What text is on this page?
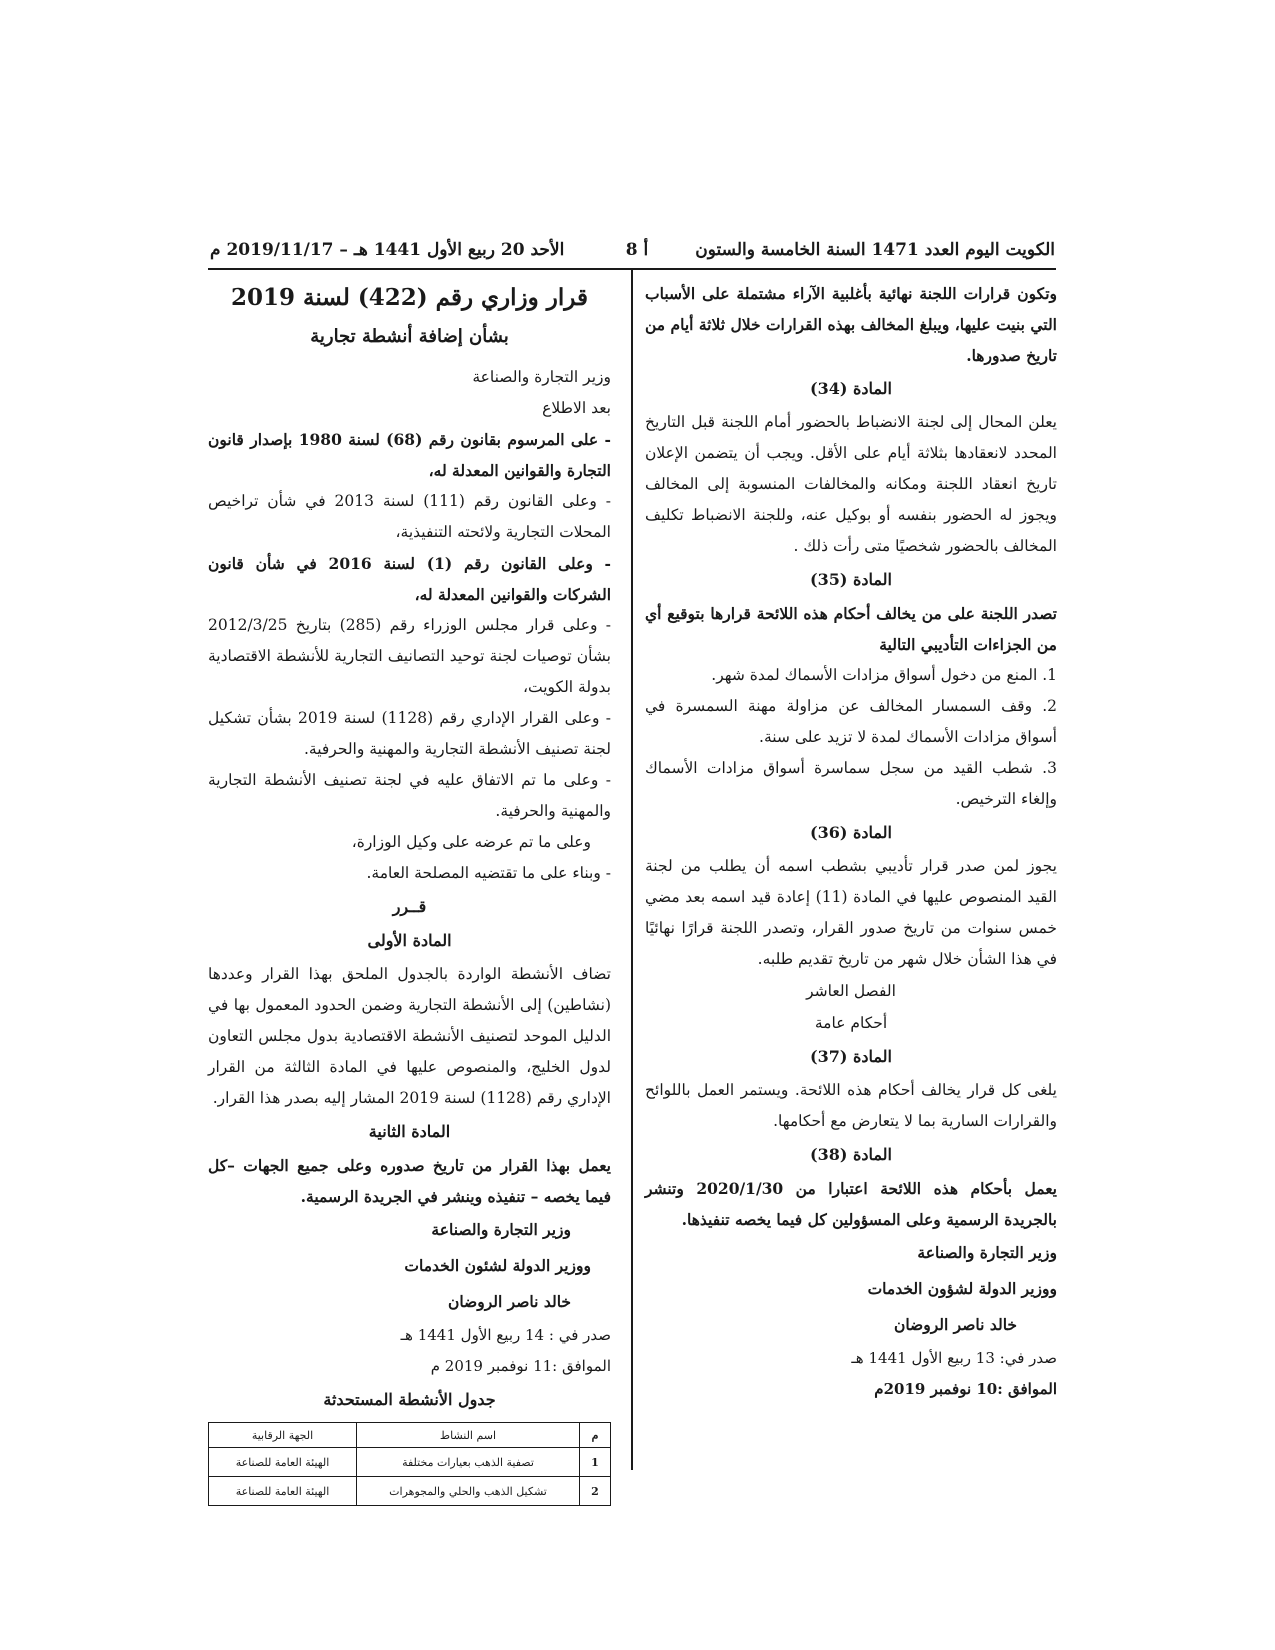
الكويت اليوم العدد 1471 السنة الخامسة والستون
أ 8
الأحد 20 ربيع الأول 1441 هـ – 2019/11/17 م

وتكون قرارات اللجنة نهائية بأغلبية الآراء مشتملة على الأسباب التي بنيت عليها، ويبلغ المخالف بهذه القرارات خلال ثلاثة أيام من تاريخ صدورها.

المادة (34)

يعلن المحال إلى لجنة الانضباط بالحضور أمام اللجنة قبل التاريخ المحدد لانعقادها بثلاثة أيام على الأقل. ويجب أن يتضمن الإعلان تاريخ انعقاد اللجنة ومكانه والمخالفات المنسوبة إلى المخالف ويجوز له الحضور بنفسه أو بوكيل عنه، وللجنة الانضباط تكليف المخالف بالحضور شخصيًا متى رأت ذلك .

المادة (35)

تصدر اللجنة على من يخالف أحكام هذه اللائحة قرارها بتوقيع أي من الجزاءات التأديبي التالية

1. المنع من دخول أسواق مزادات الأسماك لمدة شهر.

2. وقف السمسار المخالف عن مزاولة مهنة السمسرة في أسواق مزادات الأسماك لمدة لا تزيد على سنة.

3. شطب القيد من سجل سماسرة أسواق مزادات الأسماك وإلغاء الترخيص.

المادة (36)

يجوز لمن صدر قرار تأديبي بشطب اسمه أن يطلب من لجنة القيد المنصوص عليها في المادة (11) إعادة قيد اسمه بعد مضي خمس سنوات من تاريخ صدور القرار، وتصدر اللجنة قرارًا نهائيًا في هذا الشأن خلال شهر من تاريخ تقديم طلبه.

الفصل العاشر

أحكام عامة

المادة (37)

يلغى كل قرار يخالف أحكام هذه اللائحة. ويستمر العمل باللوائح والقرارات السارية بما لا يتعارض مع أحكامها.

المادة (38)

يعمل بأحكام هذه اللائحة اعتبارا من 2020/1/30 وتنشر بالجريدة الرسمية وعلى المسؤولين كل فيما يخصه تنفيذها.

وزير التجارة والصناعة

ووزير الدولة لشؤون الخدمات

خالد ناصر الروضان

صدر في: 13 ربيع الأول 1441 هـ

الموافق :10 نوفمبر 2019م

قرار وزاري رقم (422) لسنة 2019

بشأن إضافة أنشطة تجارية

وزير التجارة والصناعة

بعد الاطلاع

- على المرسوم بقانون رقم (68) لسنة 1980 بإصدار قانون التجارة والقوانين المعدلة له،

- وعلى القانون رقم (111) لسنة 2013 في شأن تراخيص المحلات التجارية ولائحته التنفيذية،

- وعلى القانون رقم (1) لسنة 2016 في شأن قانون الشركات والقوانين المعدلة له،

- وعلى قرار مجلس الوزراء رقم (285) بتاريخ 2012/3/25 بشأن توصيات لجنة توحيد التصانيف التجارية للأنشطة الاقتصادية بدولة الكويت،

- وعلى القرار الإداري رقم (1128) لسنة 2019 بشأن تشكيل لجنة تصنيف الأنشطة التجارية والمهنية والحرفية.

- وعلى ما تم الاتفاق عليه في لجنة تصنيف الأنشطة التجارية والمهنية والحرفية.

وعلى ما تم عرضه على وكيل الوزارة،

- وبناء على ما تقتضيه المصلحة العامة.

قــرر

المادة الأولى

تضاف الأنشطة الواردة بالجدول الملحق بهذا القرار وعددها (نشاطين) إلى الأنشطة التجارية وضمن الحدود المعمول بها في الدليل الموحد لتصنيف الأنشطة الاقتصادية بدول مجلس التعاون لدول الخليج، والمنصوص عليها في المادة الثالثة من القرار الإداري رقم (1128) لسنة 2019 المشار إليه بصدر هذا القرار.

المادة الثانية

يعمل بهذا القرار من تاريخ صدوره وعلى جميع الجهات –كل فيما يخصه – تنفيذه وينشر في الجريدة الرسمية.

وزير التجارة والصناعة

ووزير الدولة لشئون الخدمات

خالد ناصر الروضان

صدر في : 14 ربيع الأول 1441 هـ

الموافق :11 نوفمبر 2019 م

جدول الأنشطة المستحدثة

م	اسم النشاط	الجهة الرقابية
1	تصفية الذهب بعيارات مختلفة	الهيئة العامة للصناعة
2	تشكيل الذهب والحلي والمجوهرات	الهيئة العامة للصناعة
